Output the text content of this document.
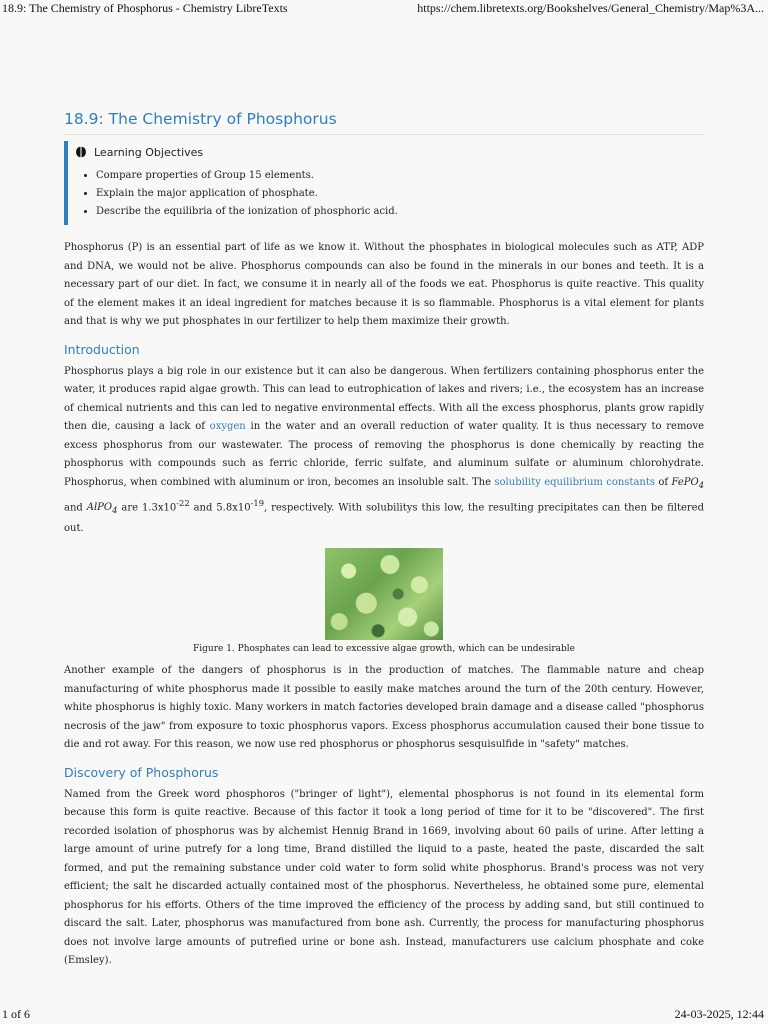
18.9: The Chemistry of Phosphorus - Chemistry LibreTexts	https://chem.libretexts.org/Bookshelves/General_Chemistry/Map%3A...
18.9: The Chemistry of Phosphorus
Learning Objectives
• Compare properties of Group 15 elements.
• Explain the major application of phosphate.
• Describe the equilibria of the ionization of phosphoric acid.

Phosphorus (P) is an essential part of life as we know it. Without the phosphates in biological molecules such as ATP, ADP and DNA, we would not be alive. Phosphorus compounds can also be found in the minerals in our bones and teeth. It is a necessary part of our diet. In fact, we consume it in nearly all of the foods we eat. Phosphorus is quite reactive. This quality of the element makes it an ideal ingredient for matches because it is so flammable. Phosphorus is a vital element for plants and that is why we put phosphates in our fertilizer to help them maximize their growth.

Introduction

Phosphorus plays a big role in our existence but it can also be dangerous. When fertilizers containing phosphorus enter the water, it produces rapid algae growth. This can lead to eutrophication of lakes and rivers; i.e., the ecosystem has an increase of chemical nutrients and this can led to negative environmental effects. With all the excess phosphorus, plants grow rapidly then die, causing a lack of oxygen in the water and an overall reduction of water quality. It is thus necessary to remove excess phosphorus from our wastewater. The process of removing the phosphorus is done chemically by reacting the phosphorus with compounds such as ferric chloride, ferric sulfate, and aluminum sulfate or aluminum chlorohydrate. Phosphorus, when combined with aluminum or iron, becomes an insoluble salt. The solubility equilibrium constants of FePO$_4$ and AlPO$_4$ are $1.3x10^{-22}$ and $5.8x10^{-19}$, respectively. With solubilitys this low, the resulting precipitates can then be filtered out.

Figure 1. Phosphates can lead to excessive algae growth, which can be undesirable

Another example of the dangers of phosphorus is in the production of matches. The flammable nature and cheap manufacturing of white phosphorus made it possible to easily make matches around the turn of the 20th century. However, white phosphorus is highly toxic. Many workers in match factories developed brain damage and a disease called "phosphorus necrosis of the jaw" from exposure to toxic phosphorus vapors. Excess phosphorus accumulation caused their bone tissue to die and rot away. For this reason, we now use red phosphorus or phosphorus sesquisulfide in "safety" matches.

Discovery of Phosphorus

Named from the Greek word phosphoros ("bringer of light"), elemental phosphorus is not found in its elemental form because this form is quite reactive. Because of this factor it took a long period of time for it to be "discovered". The first recorded isolation of phosphorus was by alchemist Hennig Brand in 1669, involving about 60 pails of urine. After letting a large amount of urine putrefy for a long time, Brand distilled the liquid to a paste, heated the paste, discarded the salt formed, and put the remaining substance under cold water to form solid white phosphorus. Brand's process was not very efficient; the salt he discarded actually contained most of the phosphorus. Nevertheless, he obtained some pure, elemental phosphorus for his efforts. Others of the time improved the efficiency of the process by adding sand, but still continued to discard the salt. Later, phosphorus was manufactured from bone ash. Currently, the process for manufacturing phosphorus does not involve large amounts of putrefied urine or bone ash. Instead, manufacturers use calcium phosphate and coke (Emsley).

1 of 6	24-03-2025, 12:44
